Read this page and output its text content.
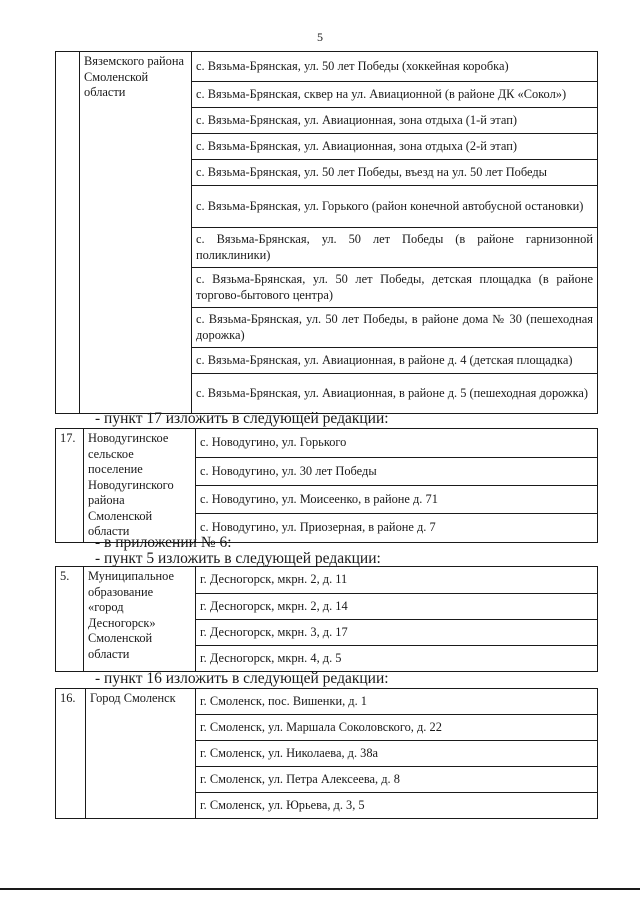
5
	Вяземского района Смоленской области	с. Вязьма-Брянская, ул. 50 лет Победы (хоккейная коробка)
с. Вязьма-Брянская, сквер на ул. Авиационной (в районе ДК «Сокол»)
с. Вязьма-Брянская, ул. Авиационная, зона отдыха (1-й этап)
с. Вязьма-Брянская, ул. Авиационная, зона отдыха (2-й этап)
с. Вязьма-Брянская, ул. 50 лет Победы, въезд на ул. 50 лет Победы
с. Вязьма-Брянская, ул. Горького (район конечной автобусной остановки)
с. Вязьма-Брянская, ул. 50 лет Победы (в районе гарнизонной поликлиники)
с. Вязьма-Брянская, ул. 50 лет Победы, детская площадка (в районе торгово-бытового центра)
с. Вязьма-Брянская, ул. 50 лет Победы, в районе дома № 30 (пешеходная дорожка)
с. Вязьма-Брянская, ул. Авиационная, в районе д. 4 (детская площадка)
с. Вязьма-Брянская, ул. Авиационная, в районе д. 5 (пешеходная дорожка)
- пункт 17 изложить в следующей редакции:
17.	Новодугинское сельское поселение Новодугинского района Смоленской области	с. Новодугино, ул. Горького
с. Новодугино, ул. 30 лет Победы
с. Новодугино, ул. Моисеенко, в районе д. 71
с. Новодугино, ул. Приозерная, в районе д. 7
- в приложении № 6:
- пункт 5 изложить в следующей редакции:
5.	Муниципальное образование «город Десногорск» Смоленской области	г. Десногорск, мкрн. 2, д. 11
г. Десногорск, мкрн. 2, д. 14
г. Десногорск, мкрн. 3, д. 17
г. Десногорск, мкрн. 4, д. 5
- пункт 16 изложить в следующей редакции:
16.	Город Смоленск	г. Смоленск, пос. Вишенки, д. 1
г. Смоленск, ул. Маршала Соколовского, д. 22
г. Смоленск, ул. Николаева, д. 38а
г. Смоленск, ул. Петра Алексеева, д. 8
г. Смоленск, ул. Юрьева, д. 3, 5
